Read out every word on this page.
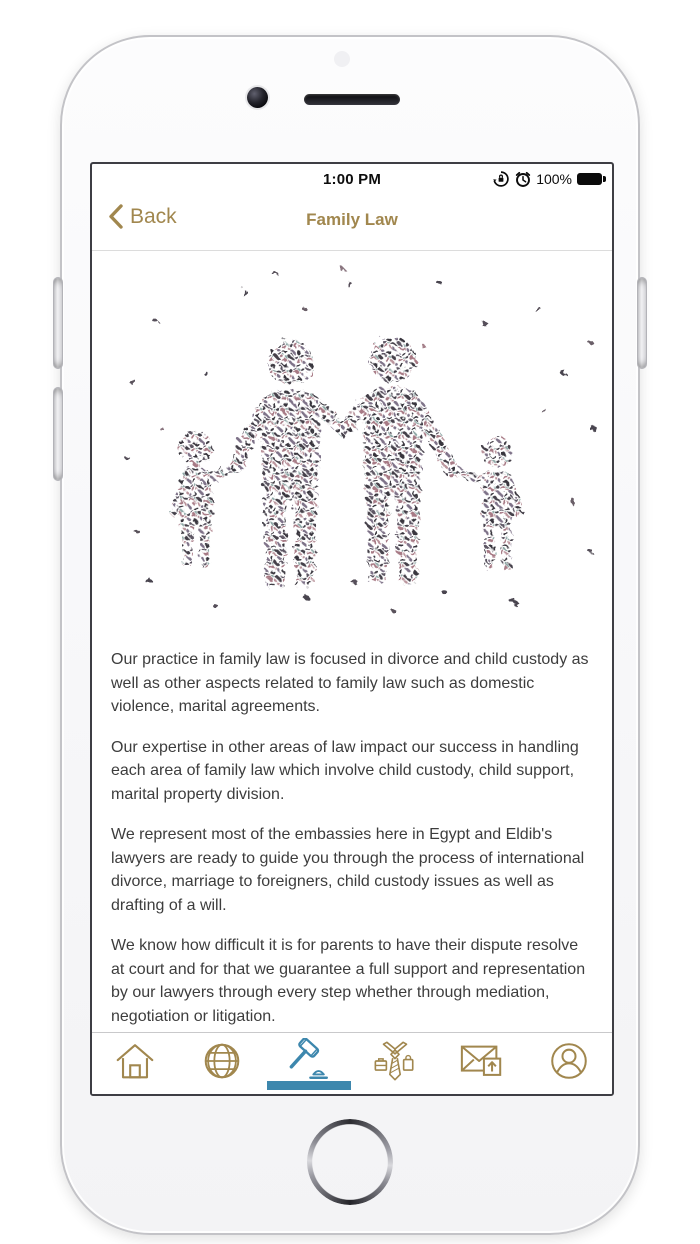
1:00 PM	100%
Back	Family Law

Our practice in family law is focused in divorce and child custody as well as other aspects related to family law such as domestic violence, marital agreements.

Our expertise in other areas of law impact our success in handling each area of family law which involve child custody, child support, marital property division.

We represent most of the embassies here in Egypt and Eldib's lawyers are ready to guide you through the process of international divorce, marriage to foreigners, child custody issues as well as drafting of a will.

We know how difficult it is for parents to have their dispute resolve at court and for that we guarantee a full support and representation by our lawyers through every step whether through mediation, negotiation or litigation.
